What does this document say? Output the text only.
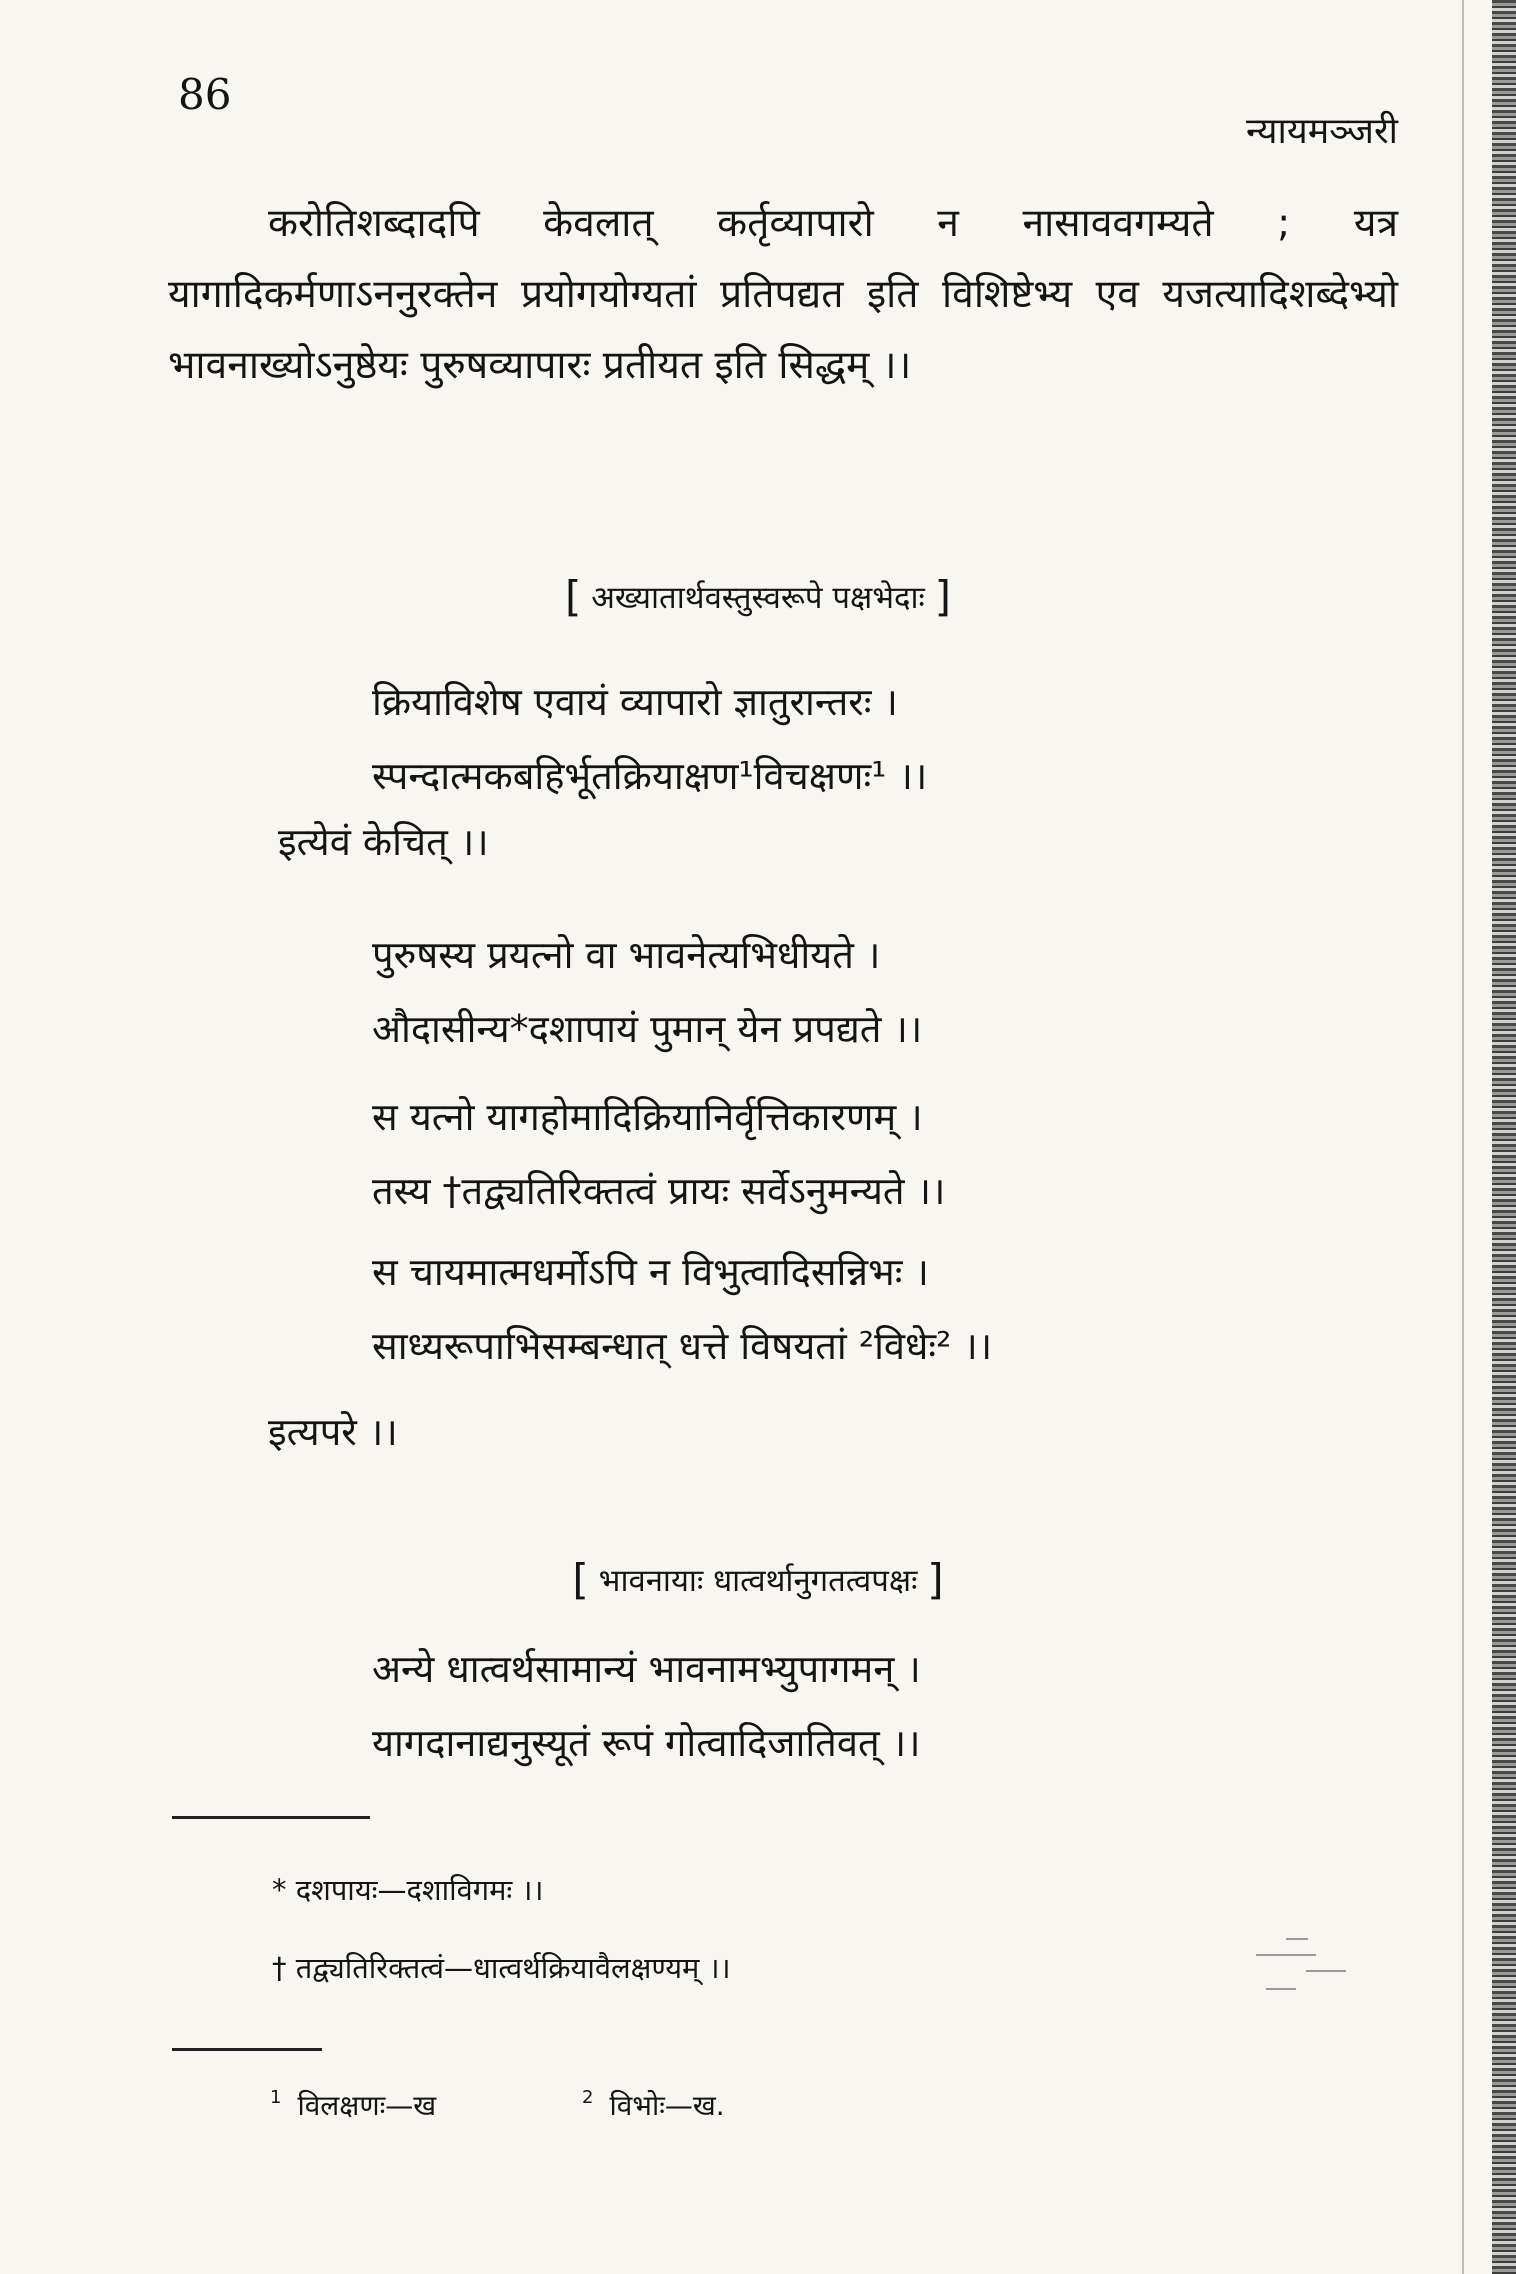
86
न्यायमञ्जरी
करोतिशब्दादपि केवलात् कर्तृव्यापारो न नासाववगम्यते ; यत्र यागादिकर्मणाऽननुरक्तेन प्रयोगयोग्यतां प्रतिपद्यत इति विशिष्टेभ्य एव यजत्यादिशब्देभ्यो भावनाख्योऽनुष्ठेयः पुरुषव्यापारः प्रतीयत इति सिद्धम् ।।
[ अख्यातार्थवस्तुस्वरूपे पक्षभेदाः ]
क्रियाविशेष एवायं व्यापारो ज्ञातुरान्तरः ।
स्पन्दात्मकबहिर्भूतक्रियाक्षण¹विचक्षणः¹ ।।
इत्येवं केचित् ।।
पुरुषस्य प्रयत्नो वा भावनेत्यभिधीयते ।
औदासीन्य*दशापायं पुमान् येन प्रपद्यते ।।
स यत्नो यागहोमादिक्रियानिर्वृत्तिकारणम् ।
तस्य †तद्व्यतिरिक्तत्वं प्रायः सर्वेऽनुमन्यते ।।
स चायमात्मधर्मोऽपि न विभुत्वादिसन्निभः ।
साध्यरूपाभिसम्बन्धात् धत्ते विषयतां ²विधेः² ।।
इत्यपरे ।।
[ भावनायाः धात्वर्थानुगतत्वपक्षः ]
अन्ये धात्वर्थसामान्यं भावनामभ्युपागमन् ।
यागदानाद्यनुस्यूतं रूपं गोत्वादिजातिवत् ।।
* दशपायः—दशाविगमः ।।
† तद्व्यतिरिक्तत्वं—धात्वर्थक्रियावैलक्षण्यम् ।।
$^1$ विलक्षणः—ख	$^2$ विभोः—ख.
